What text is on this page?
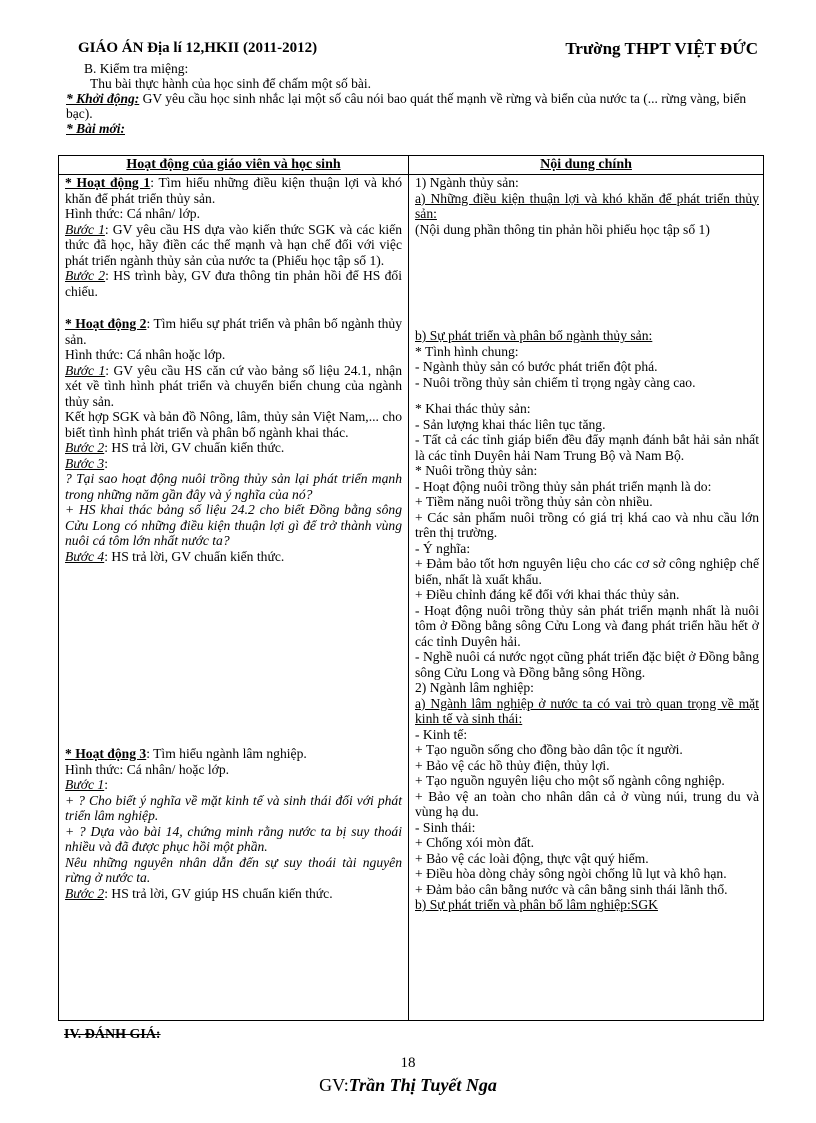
GIÁO ÁN Địa lí 12,HKII (2011-2012)	Trường THPT VIỆT ĐỨC

B. Kiểm tra miệng:

Thu bài thực hành của học sinh để chấm một số bài.

* Khởi động: GV yêu cầu học sinh nhắc lại một số câu nói bao quát thế mạnh về rừng và biển của nước ta (... rừng vàng, biển bạc).

* Bài mới:

Hoạt động của giáo viên và học sinh	Nội dung chính

* Hoạt động 1: Tìm hiểu những điều kiện thuận lợi và khó khăn để phát triển thủy sản.

Hình thức: Cá nhân/ lớp.

Bước 1: GV yêu cầu HS dựa vào kiến thức SGK và các kiến thức đã học, hãy điền các thế mạnh và hạn chế đối với việc phát triển ngành thủy sản của nước ta (Phiếu học tập số 1).

Bước 2: HS trình bày, GV đưa thông tin phản hồi để HS đối chiếu.

* Hoạt động 2: Tìm hiểu sự phát triển và phân bố ngành thủy sản.

Hình thức: Cá nhân hoặc lớp.

Bước 1: GV yêu cầu HS căn cứ vào bảng số liệu 24.1, nhận xét về tình hình phát triển và chuyển biến chung của ngành thủy sản.

Kết hợp SGK và bản đồ Nông, lâm, thủy sản Việt Nam,... cho biết tình hình phát triển và phân bố ngành khai thác.

Bước 2: HS trả lời, GV chuẩn kiến thức.

Bước 3:

? Tại sao hoạt động nuôi trồng thủy sản lại phát triển mạnh trong những năm gần đây và ý nghĩa của nó?

+ HS khai thác bảng số liệu 24.2 cho biết Đồng bằng sông Cửu Long có những điều kiện thuận lợi gì để trở thành vùng nuôi cá tôm lớn nhất nước ta?

Bước 4: HS trả lời, GV chuẩn kiến thức.

* Hoạt động 3: Tìm hiểu ngành lâm nghiệp.

Hình thức: Cá nhân/ hoặc lớp.

Bước 1:

+ ? Cho biết ý nghĩa về mặt kinh tế và sinh thái đối với phát triển lâm nghiệp.

+ ? Dựa vào bài 14, chứng minh rằng nước ta bị suy thoái nhiều và đã được phục hồi một phần.

Nêu những nguyên nhân dẫn đến sự suy thoái tài nguyên rừng ở nước ta.

Bước 2: HS trả lời, GV giúp HS chuẩn kiến thức.

1) Ngành thủy sản:

a) Những điều kiện thuận lợi và khó khăn để phát triển thủy sản:

(Nội dung phần thông tin phản hồi phiếu học tập số 1)

b) Sự phát triển và phân bố ngành thủy sản:

* Tình hình chung:

- Ngành thủy sản có bước phát triển đột phá.

- Nuôi trồng thủy sản chiếm tỉ trọng ngày càng cao.

* Khai thác thủy sản:

- Sản lượng khai thác liên tục tăng.

- Tất cả các tỉnh giáp biển đều đẩy mạnh đánh bắt hải sản nhất là các tỉnh Duyên hải Nam Trung Bộ và Nam Bộ.

* Nuôi trồng thủy sản:

- Hoạt động nuôi trồng thủy sản phát triển mạnh là do:

+ Tiềm năng nuôi trồng thủy sản còn nhiều.

+ Các sản phẩm nuôi trồng có giá trị khá cao và nhu cầu lớn trên thị trường.

- Ý nghĩa:

+ Đảm bảo tốt hơn nguyên liệu cho các cơ sở công nghiệp chế biến, nhất là xuất khẩu.

+ Điều chỉnh đáng kể đối với khai thác thủy sản.

- Hoạt động nuôi trồng thủy sản phát triển mạnh nhất là nuôi tôm ở Đồng bằng sông Cửu Long và đang phát triển hầu hết ở các tỉnh Duyên hải.

- Nghề nuôi cá nước ngọt cũng phát triển đặc biệt ở Đồng bằng sông Cửu Long và Đồng bằng sông Hồng.

2) Ngành lâm nghiệp:

a) Ngành lâm nghiệp ở nước ta có vai trò quan trọng về mặt kinh tế và sinh thái:

- Kinh tế:

+ Tạo nguồn sống cho đồng bào dân tộc ít người.

+ Bảo vệ các hồ thủy điện, thủy lợi.

+ Tạo nguồn nguyên liệu cho một số ngành công nghiệp.

+ Bảo vệ an toàn cho nhân dân cả ở vùng núi, trung du và vùng hạ du.

- Sinh thái:

+ Chống xói mòn đất.

+ Bảo vệ các loài động, thực vật quý hiếm.

+ Điều hòa dòng chảy sông ngòi chống lũ lụt và khô hạn.

+ Đảm bảo cân bằng nước và cân bằng sinh thái lãnh thổ.

b) Sự phát triển và phân bố lâm nghiệp:SGK

IV. ĐÁNH GIÁ:
18
GV:Trần Thị Tuyết Nga
